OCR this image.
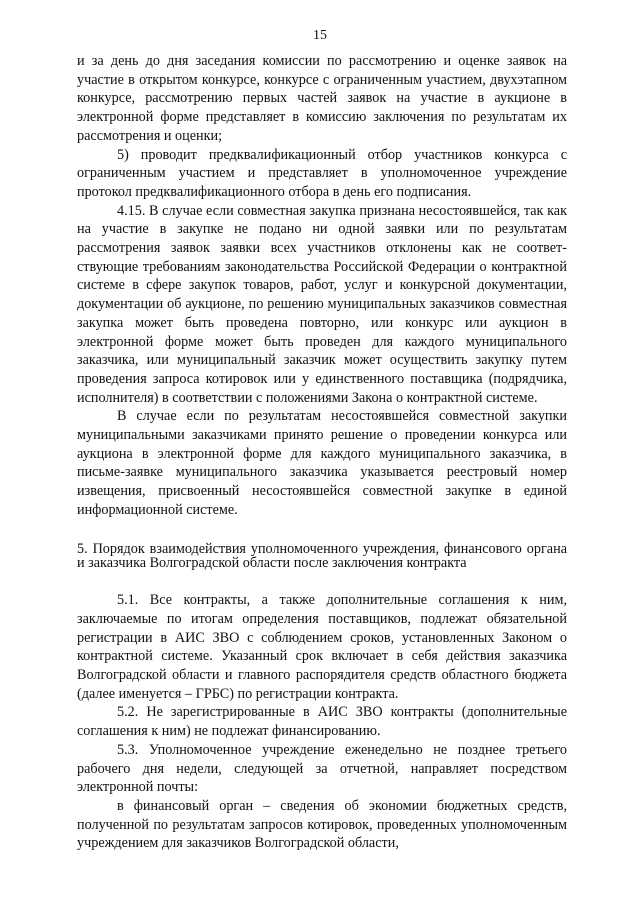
15

и за день до дня заседания комиссии по рассмотрению и оценке заявок на участие в открытом конкурсе, конкурсе с ограниченным участием, двухэтапном конкурсе, рассмотрению первых частей заявок на участие в аукционе в электронной форме представляет в комиссию заключения по результатам их рассмотрения и оценки;

5) проводит предквалификационный отбор участников конкурса с ограниченным участием и представляет в уполномоченное учреждение протокол предквалификационного отбора в день его подписания.

4.15. В случае если совместная закупка признана несостоявшейся, так как на участие в закупке не подано ни одной заявки или по результатам рассмотрения заявок заявки всех участников отклонены как не соответствующие требованиям законодательства Российской Федерации о контрактной системе в сфере закупок товаров, работ, услуг и конкурсной документации, документации об аукционе, по решению муниципальных заказчиков совместная закупка может быть проведена повторно, или конкурс или аукцион в электронной форме может быть проведен для каждого муниципального заказчика, или муниципальный заказчик может осуществить закупку путем проведения запроса котировок или у единственного поставщика (подрядчика, исполнителя) в соответствии с положениями Закона о контрактной системе.

В случае если по результатам несостоявшейся совместной закупки муниципальными заказчиками принято решение о проведении конкурса или аукциона в электронной форме для каждого муниципального заказчика, в письме-заявке муниципального заказчика указывается реестровый номер извещения, присвоенный несостоявшейся совместной закупке в единой информационной системе.

5. Порядок взаимодействия уполномоченного учреждения, финансового органа и заказчика Волгоградской области после заключения контракта

5.1. Все контракты, а также дополнительные соглашения к ним, заключаемые по итогам определения поставщиков, подлежат обязательной регистрации в АИС ЗВО с соблюдением сроков, установленных Законом о контрактной системе. Указанный срок включает в себя действия заказчика Волгоградской области и главного распорядителя средств областного бюджета (далее именуется – ГРБС) по регистрации контракта.

5.2. Не зарегистрированные в АИС ЗВО контракты (дополнительные соглашения к ним) не подлежат финансированию.

5.3. Уполномоченное учреждение еженедельно не позднее третьего рабочего дня недели, следующей за отчетной, направляет посредством электронной почты:

в финансовый орган – сведения об экономии бюджетных средств, полученной по результатам запросов котировок, проведенных уполномоченным учреждением для заказчиков Волгоградской области,
